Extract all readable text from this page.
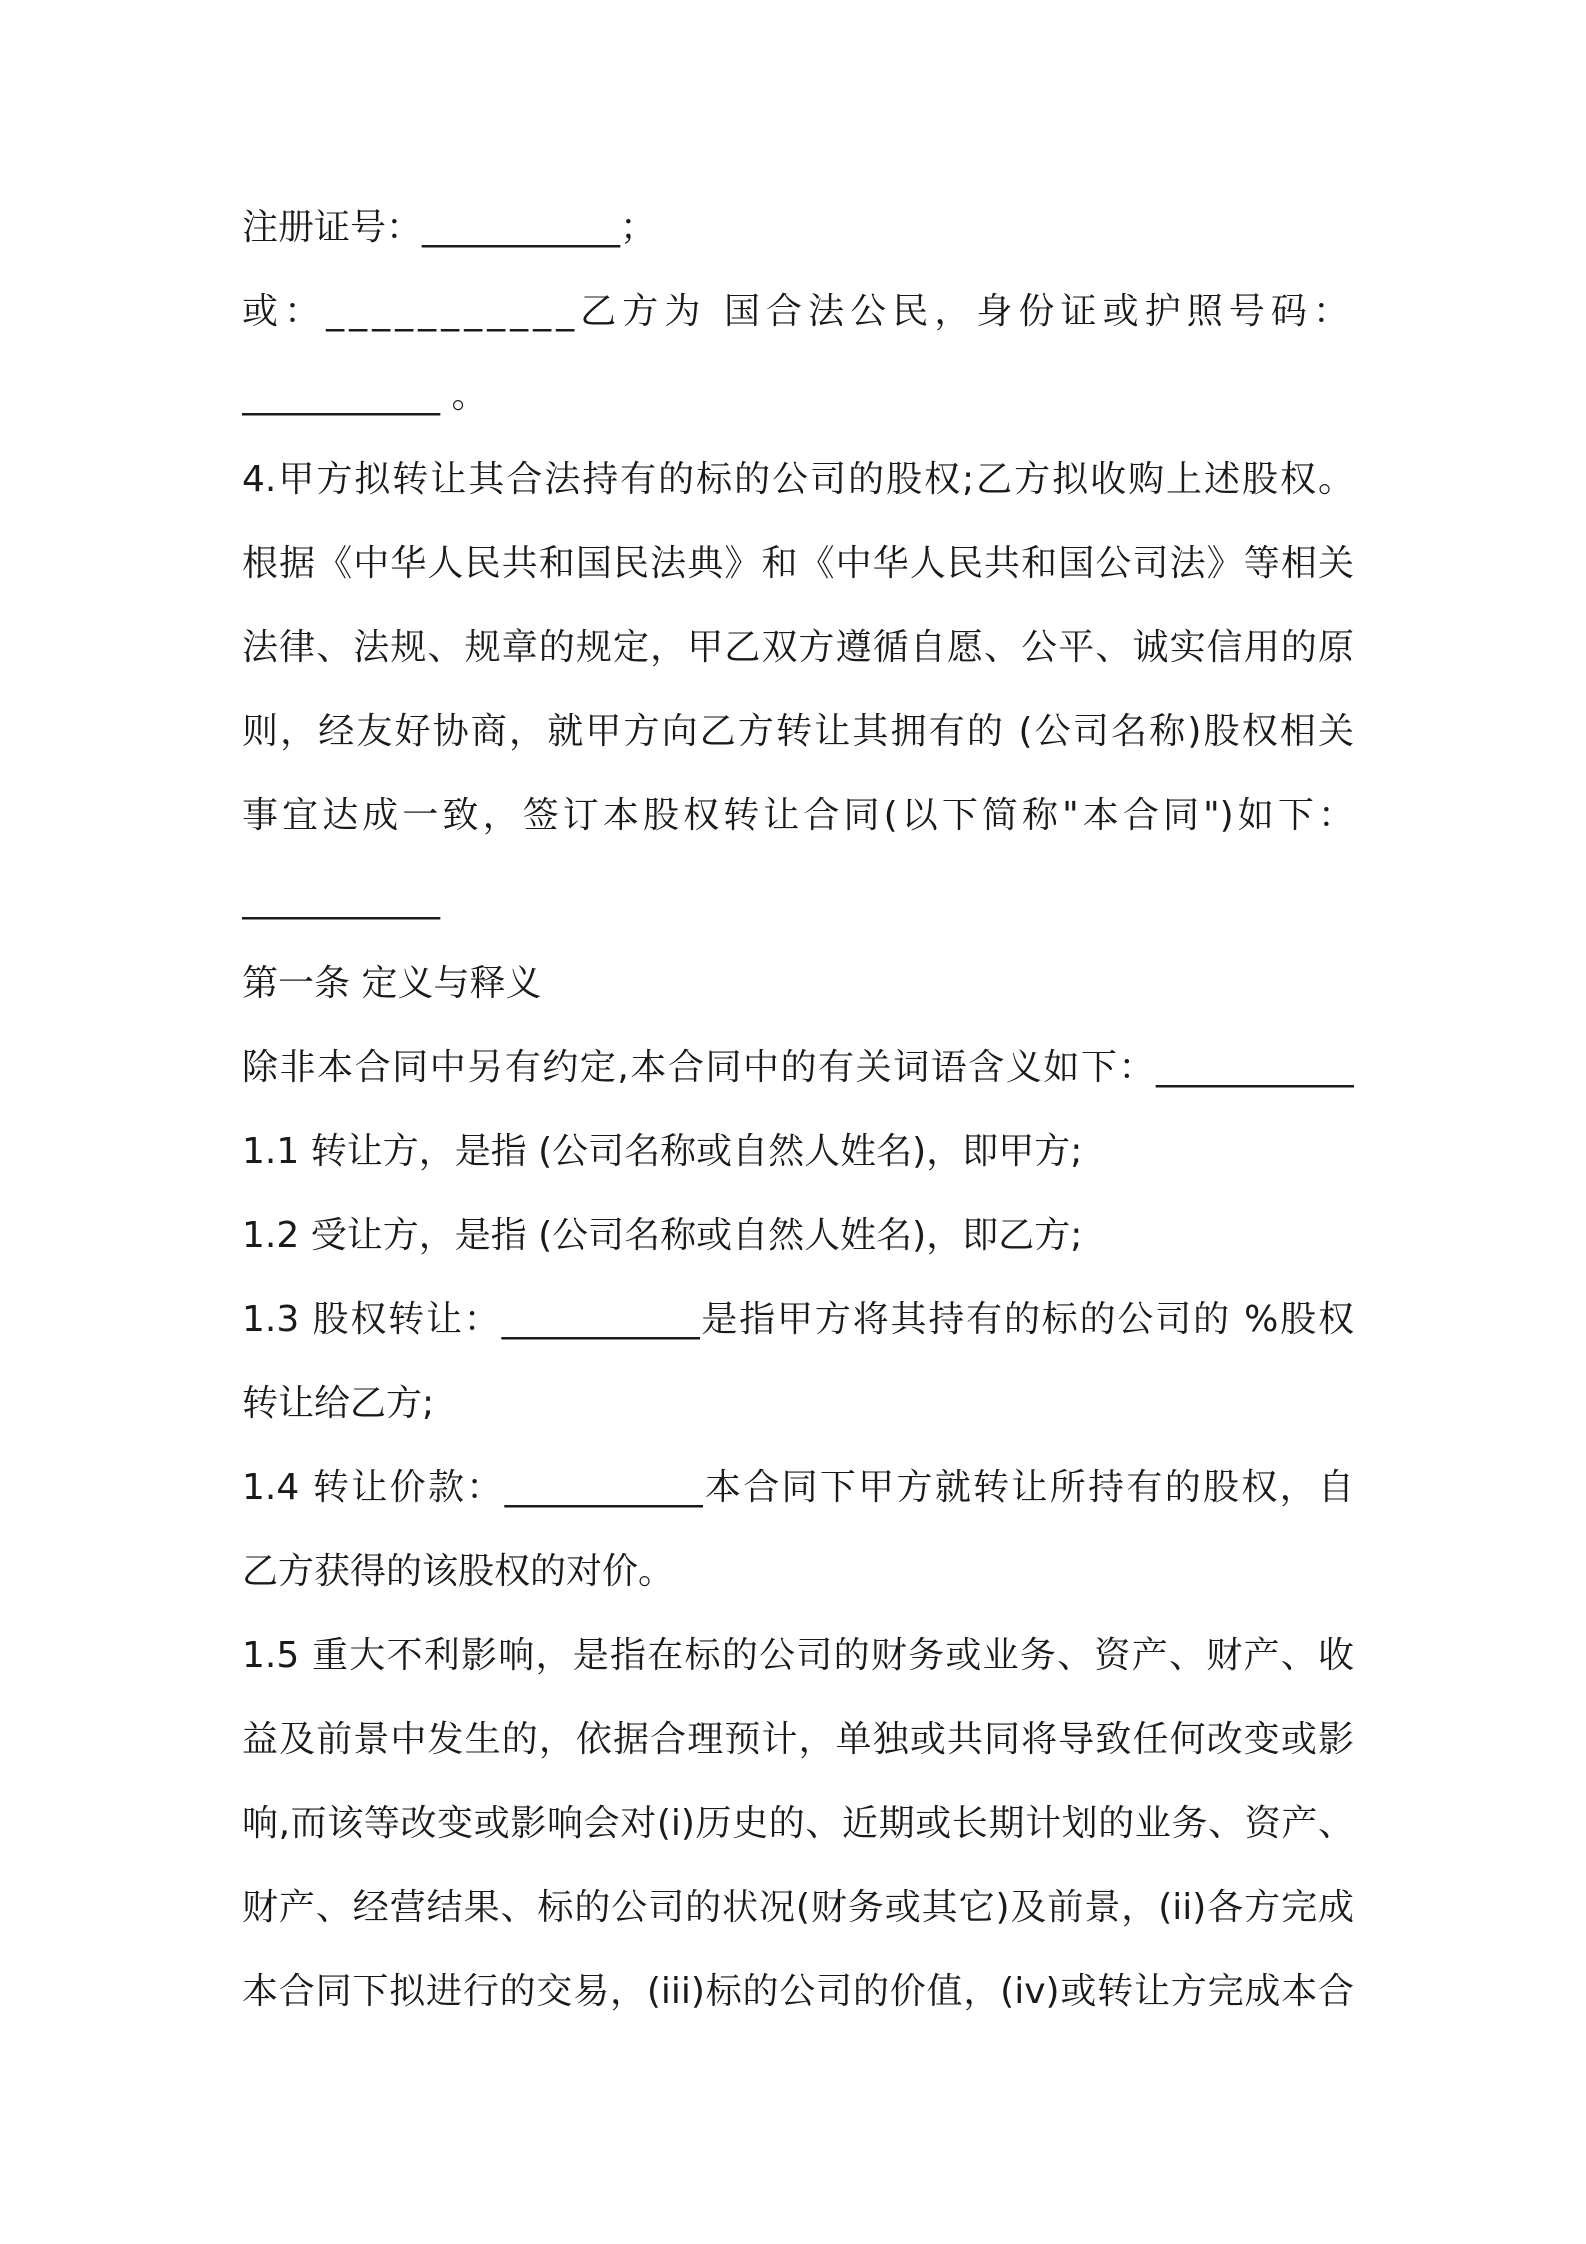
注册证号：___________；
或：___________乙方为 国合法公民，身份证或护照号码：
___________ 。
4.甲方拟转让其合法持有的标的公司的股权;乙方拟收购上述股权。
根据《中华人民共和国民法典》和《中华人民共和国公司法》等相关
法律、法规、规章的规定，甲乙双方遵循自愿、公平、诚实信用的原
则，经友好协商，就甲方向乙方转让其拥有的 (公司名称)股权相关
事宜达成一致，签订本股权转让合同(以下简称"本合同")如下：
___________
第一条 定义与释义
除非本合同中另有约定,本合同中的有关词语含义如下：___________
1.1 转让方，是指 (公司名称或自然人姓名)，即甲方;
1.2 受让方，是指 (公司名称或自然人姓名)，即乙方;
1.3 股权转让：___________是指甲方将其持有的标的公司的 %股权
转让给乙方;
1.4 转让价款：___________本合同下甲方就转让所持有的股权，自
乙方获得的该股权的对价。
1.5 重大不利影响，是指在标的公司的财务或业务、资产、财产、收
益及前景中发生的，依据合理预计，单独或共同将导致任何改变或影
响,而该等改变或影响会对(i)历史的、近期或长期计划的业务、资产、
财产、经营结果、标的公司的状况(财务或其它)及前景，(ii)各方完成
本合同下拟进行的交易，(iii)标的公司的价值，(iv)或转让方完成本合
